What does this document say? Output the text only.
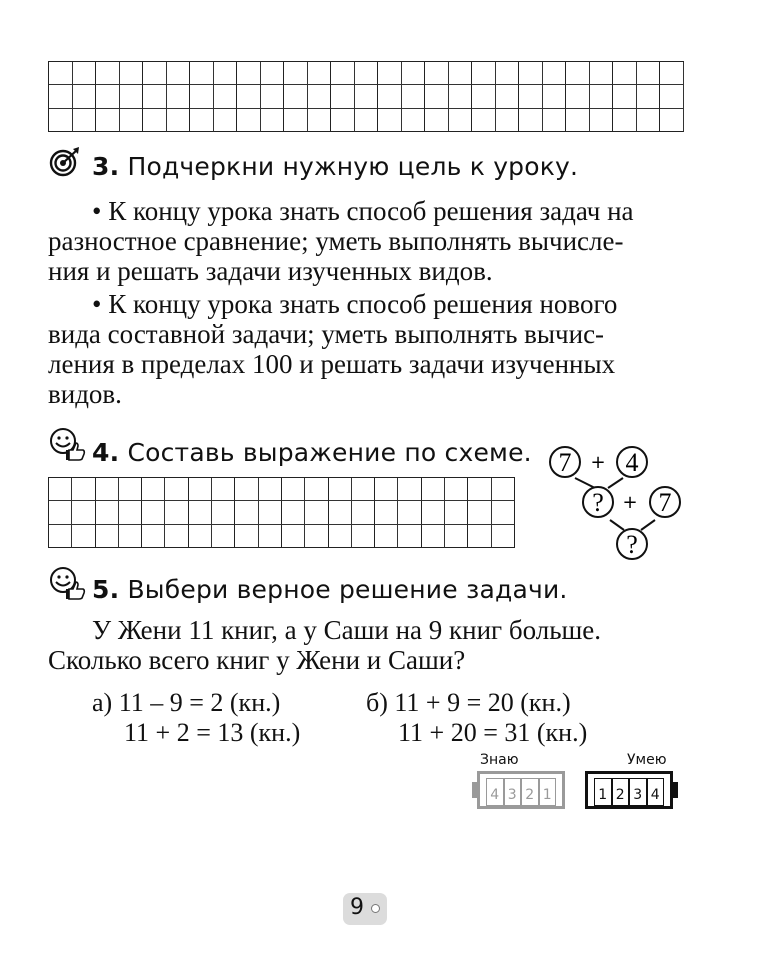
3. Подчеркни нужную цель к уроку.
• К концу урока знать способ решения задач на
разностное сравнение; уметь выполнять вычисле-
ния и решать задачи изученных видов.
• К концу урока знать способ решения нового
вида составной задачи; уметь выполнять вычис-
ления в пределах 100 и решать задачи изученных
видов.
4. Составь выражение по схеме. 7 + 4
? + 7
?
5. Выбери верное решение задачи.
У Жени 11 книг, а у Саши на 9 книг больше.
Сколько всего книг у Жени и Саши?
а) 11 – 9 = 2 (кн.)
11 + 2 = 13 (кн.)
б) 11 + 9 = 20 (кн.)
11 + 20 = 31 (кн.)
Знаю
4 3 2 1
Умею
1 2 3 4
9
